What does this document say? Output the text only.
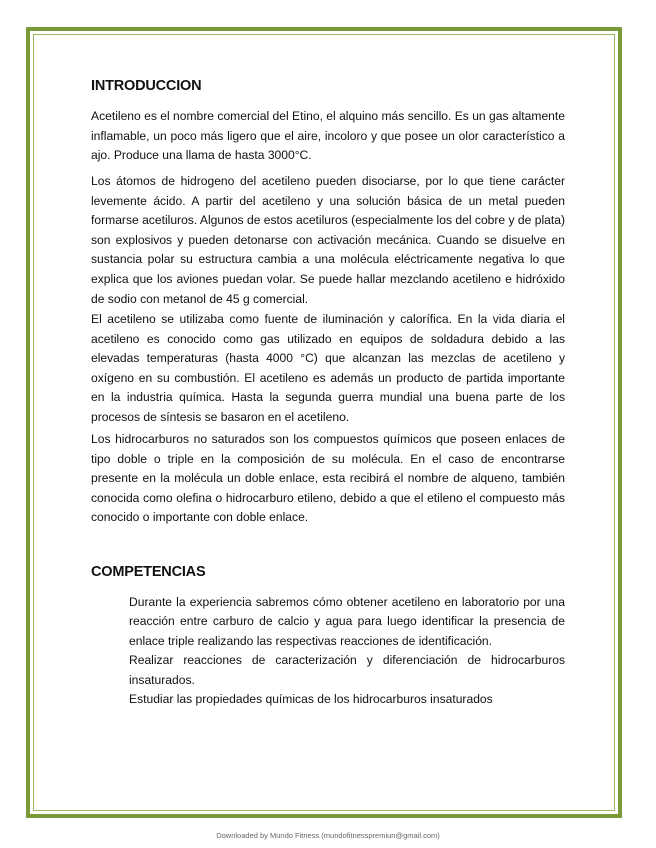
INTRODUCCION

Acetileno es el nombre comercial del Etino, el alquino más sencillo. Es un gas altamente inflamable, un poco más ligero que el aire, incoloro y que posee un olor característico a ajo. Produce una llama de hasta 3000°C.

Los átomos de hidrogeno del acetileno pueden disociarse, por lo que tiene carácter levemente ácido. A partir del acetileno y una solución básica de un metal pueden formarse acetiluros. Algunos de estos acetiluros (especialmente los del cobre y de plata) son explosivos y pueden detonarse con activación mecánica. Cuando se disuelve en sustancia polar su estructura cambia a una molécula eléctricamente negativa lo que explica que los aviones puedan volar. Se puede hallar mezclando acetileno e hidróxido de sodio con metanol de 45 g comercial.

El acetileno se utilizaba como fuente de iluminación y calorífica. En la vida diaria el acetileno es conocido como gas utilizado en equipos de soldadura debido a las elevadas temperaturas (hasta 4000 °C) que alcanzan las mezclas de acetileno y oxígeno en su combustión. El acetileno es además un producto de partida importante en la industria química. Hasta la segunda guerra mundial una buena parte de los procesos de síntesis se basaron en el acetileno.

Los hidrocarburos no saturados son los compuestos químicos que poseen enlaces de tipo doble o triple en la composición de su molécula. En el caso de encontrarse presente en la molécula un doble enlace, esta recibirá el nombre de alqueno, también conocida como olefina o hidrocarburo etileno, debido a que el etileno el compuesto más conocido o importante con doble enlace.

COMPETENCIAS

Durante la experiencia sabremos cómo obtener acetileno en laboratorio por una reacción entre carburo de calcio y agua para luego identificar la presencia de enlace triple realizando las respectivas reacciones de identificación.

Realizar reacciones de caracterización y diferenciación de hidrocarburos insaturados.

Estudiar las propiedades químicas de los hidrocarburos insaturados

Downloaded by Mundo Fitness (mundofitnesspremiun@gmail.com)
